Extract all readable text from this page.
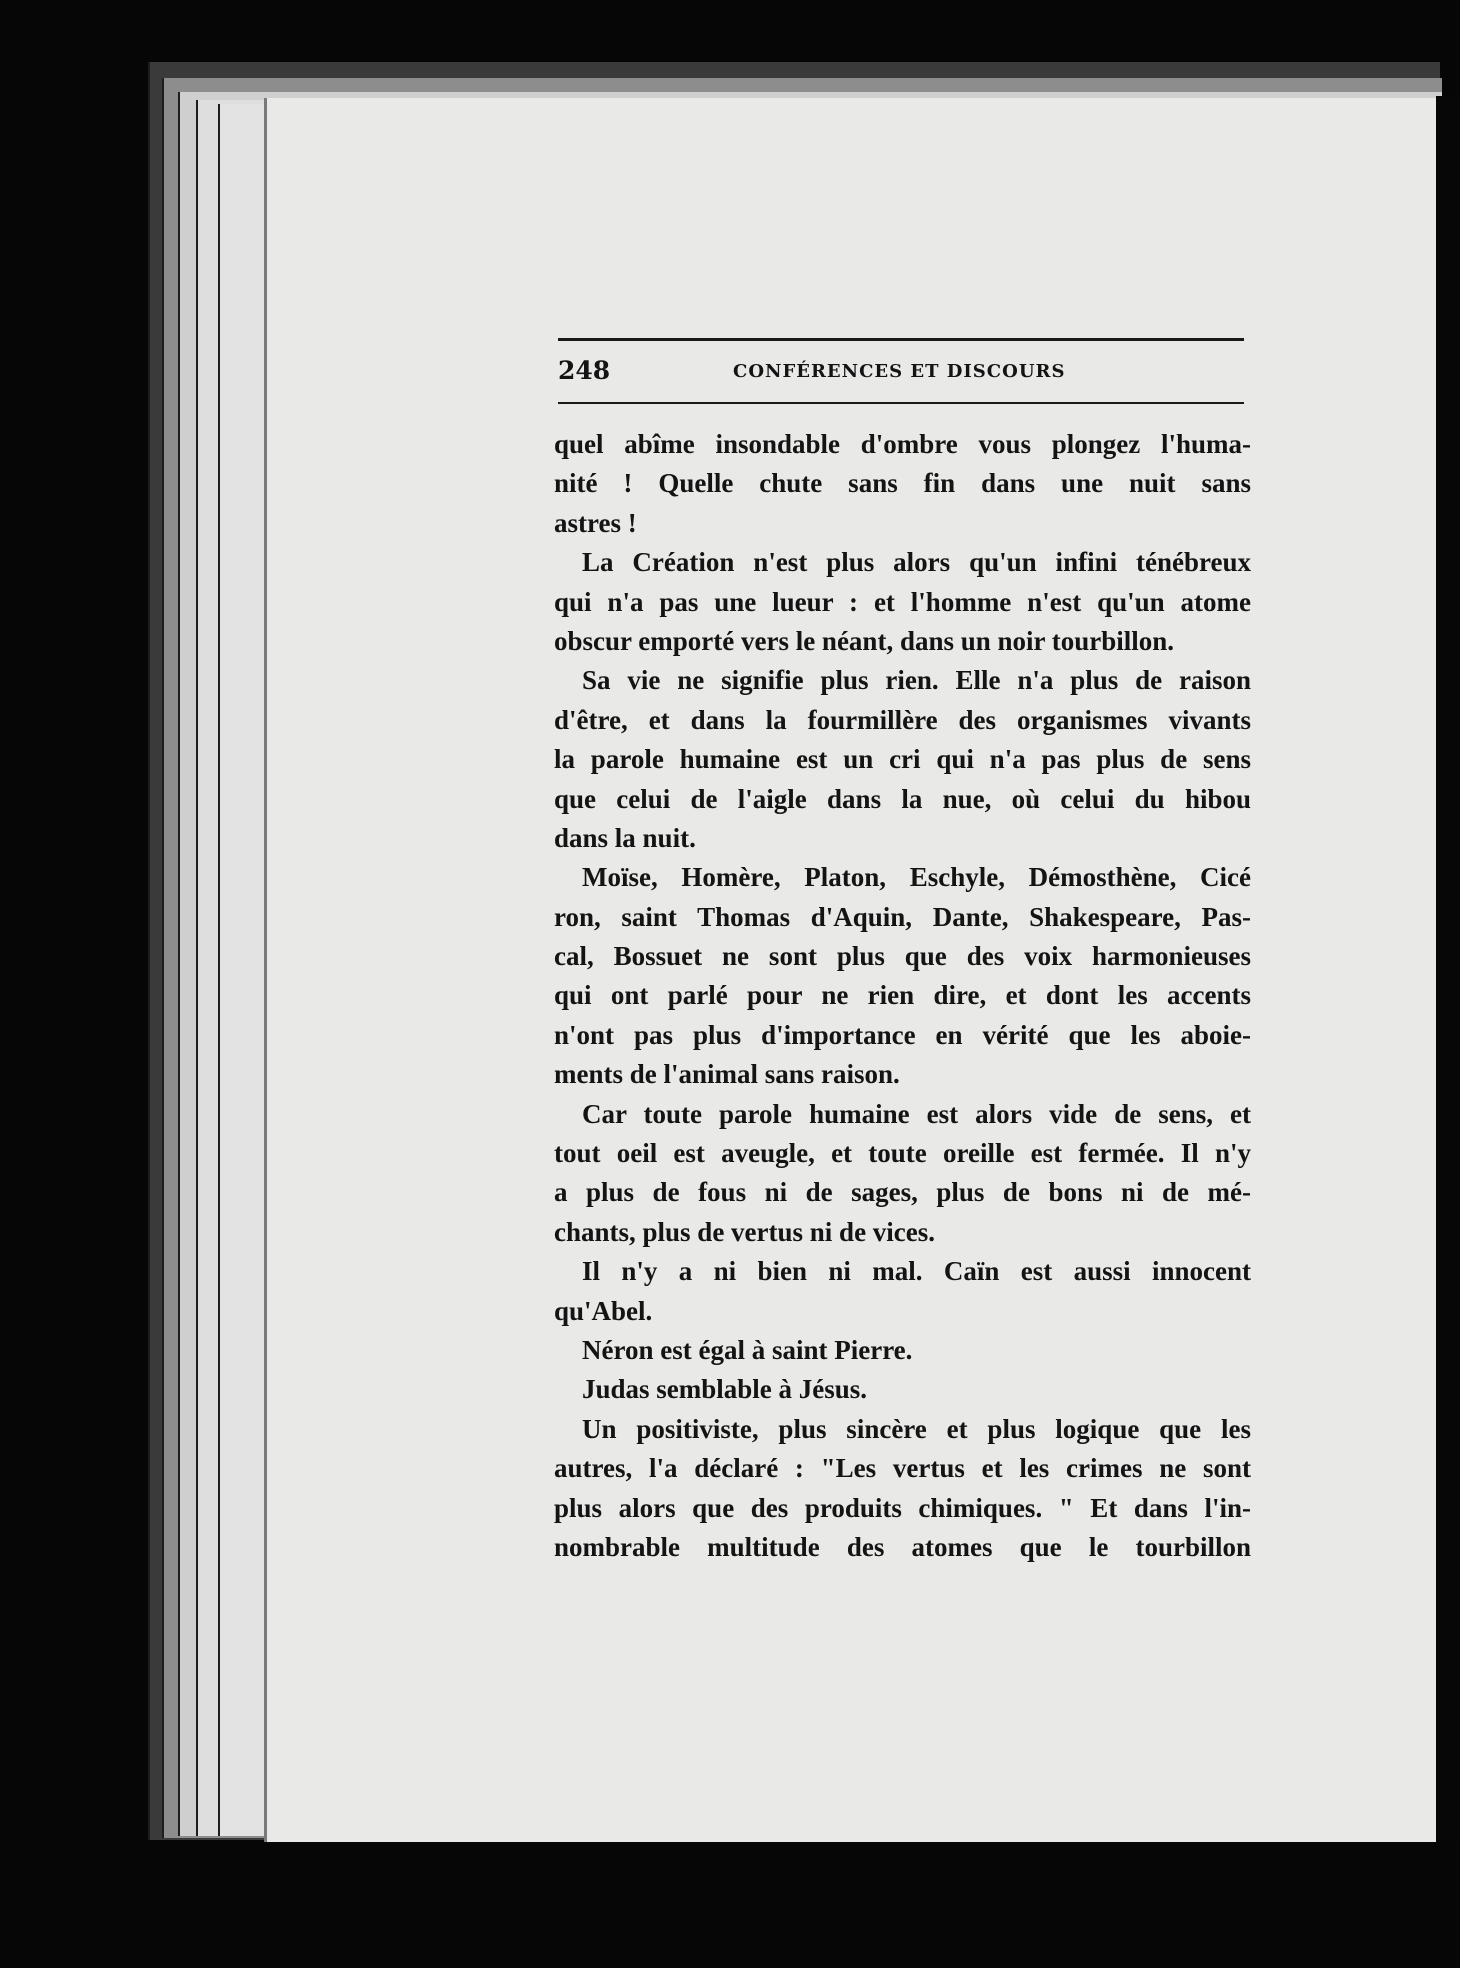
248	CONFÉRENCES ET DISCOURS
quel abîme insondable d'ombre vous plongez l'huma-
nité ! Quelle chute sans fin dans une nuit sans
astres !
La Création n'est plus alors qu'un infini ténébreux
qui n'a pas une lueur : et l'homme n'est qu'un atome
obscur emporté vers le néant, dans un noir tourbillon.
Sa vie ne signifie plus rien. Elle n'a plus de raison
d'être, et dans la fourmillère des organismes vivants
la parole humaine est un cri qui n'a pas plus de sens
que celui de l'aigle dans la nue, où celui du hibou
dans la nuit.
Moïse, Homère, Platon, Eschyle, Démosthène, Cicé
ron, saint Thomas d'Aquin, Dante, Shakespeare, Pas-
cal, Bossuet ne sont plus que des voix harmonieuses
qui ont parlé pour ne rien dire, et dont les accents
n'ont pas plus d'importance en vérité que les aboie-
ments de l'animal sans raison.
Car toute parole humaine est alors vide de sens, et
tout oeil est aveugle, et toute oreille est fermée. Il n'y
a plus de fous ni de sages, plus de bons ni de mé-
chants, plus de vertus ni de vices.
Il n'y a ni bien ni mal. Caïn est aussi innocent
qu'Abel.
Néron est égal à saint Pierre.
Judas semblable à Jésus.
Un positiviste, plus sincère et plus logique que les
autres, l'a déclaré : "Les vertus et les crimes ne sont
plus alors que des produits chimiques. " Et dans l'in-
nombrable multitude des atomes que le tourbillon
